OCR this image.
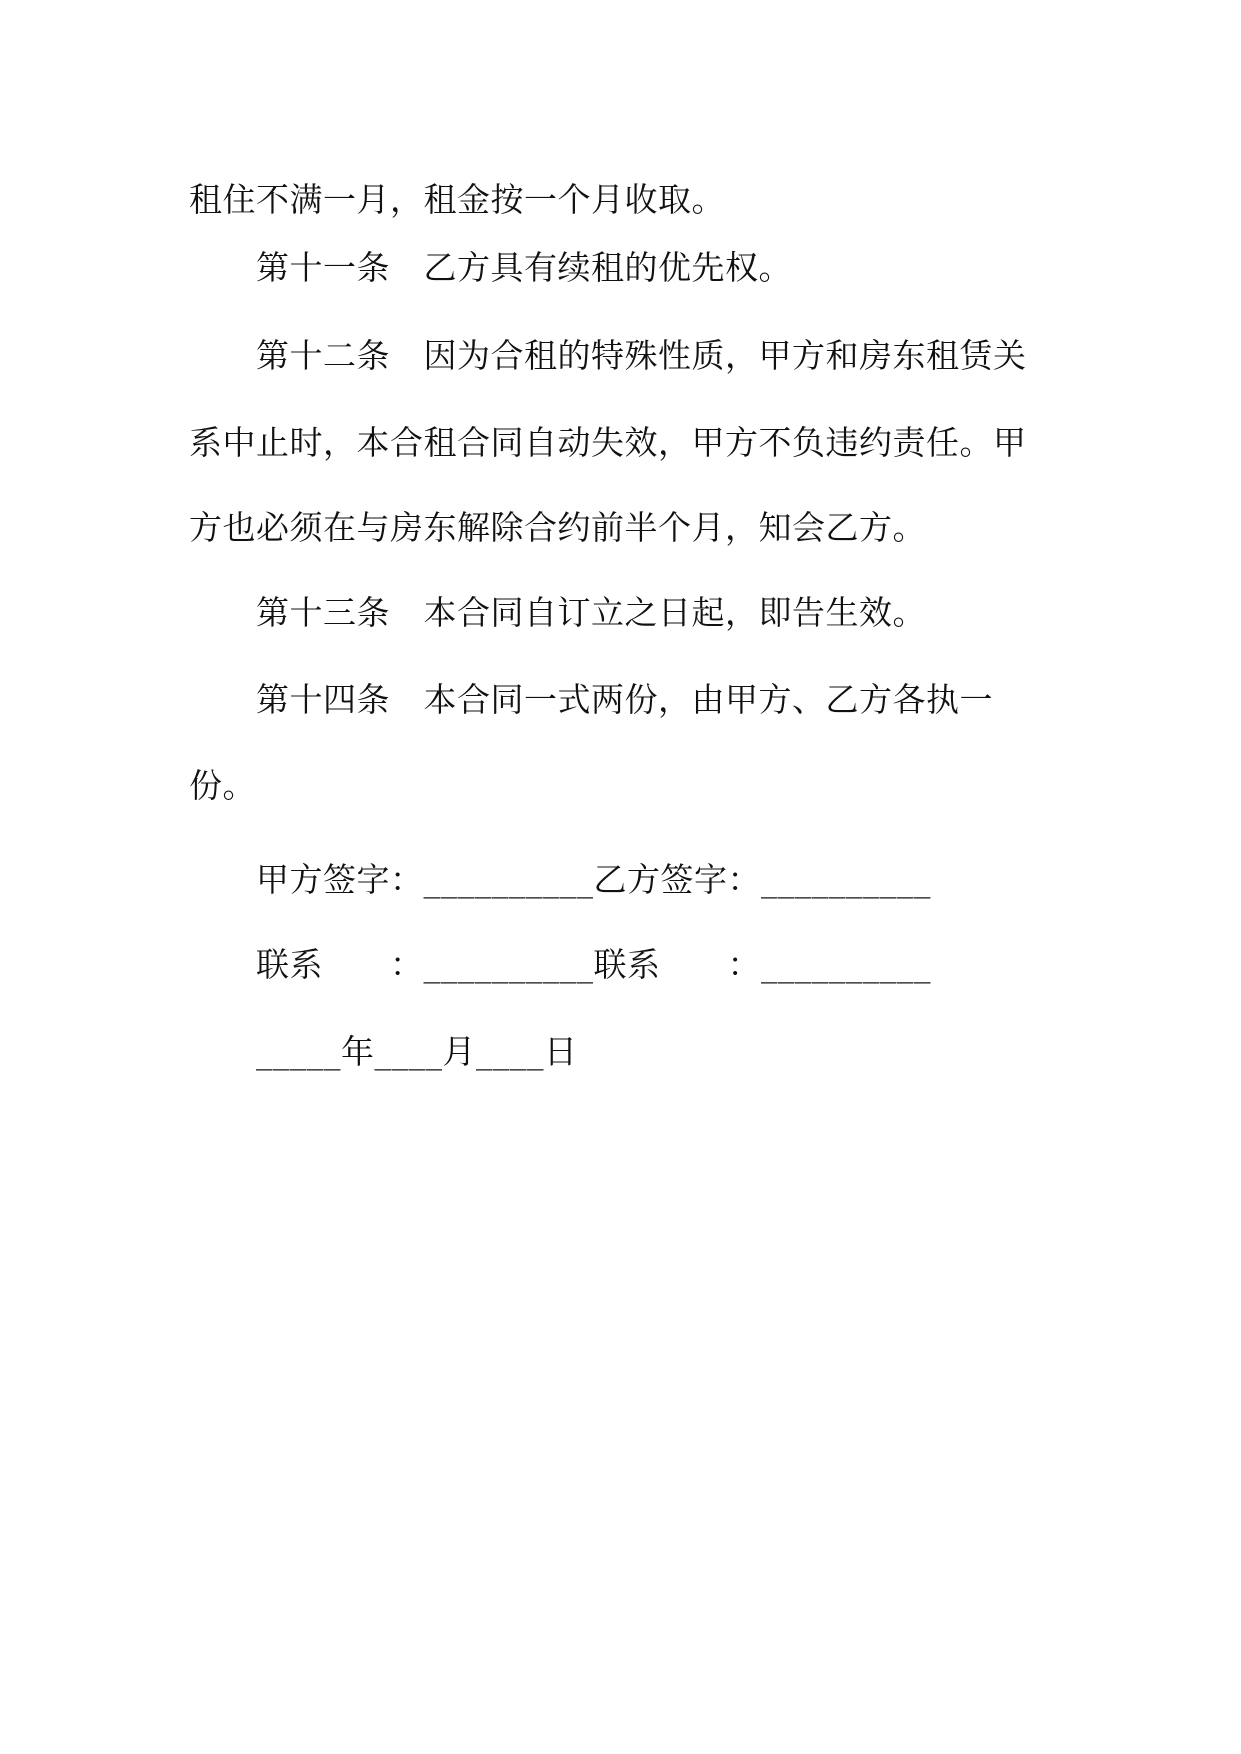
租住不满一月，租金按一个月收取。
第十一条　乙方具有续租的优先权。
第十二条　因为合租的特殊性质，甲方和房东租赁关
系中止时，本合租合同自动失效，甲方不负违约责任。甲
方也必须在与房东解除合约前半个月，知会乙方。
第十三条　本合同自订立之日起，即告生效。
第十四条　本合同一式两份，由甲方、乙方各执一
份。
甲方签字：__________乙方签字：__________
联系　　：__________联系　　：__________
_____年____月____日
